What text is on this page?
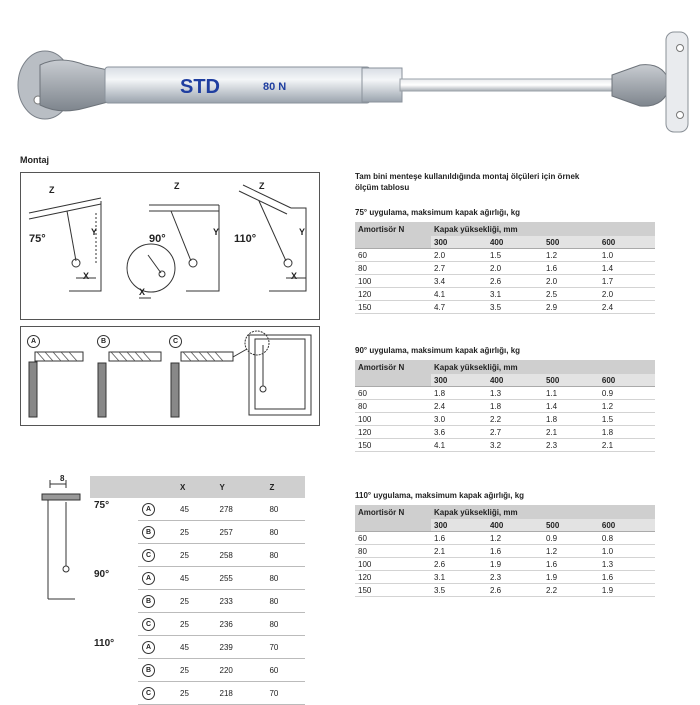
STD	80 N
Montaj
75°	90°	110°
Z	Z	Z
Y	Y	Y
X
X
X
A	B	C
8
		X	Y	Z
75°	A	45	278	80
	B	25	257	80
	C	25	258	80
90°	A	45	255	80
	B	25	233	80
	C	25	236	80
110°	A	45	239	70
	B	25	220	60
	C	25	218	70
Tam bini menteşe kullanıldığında montaj ölçüleri için örnek
ölçüm tablosu
75° uygulama, maksimum kapak ağırlığı, kg
Amortisör N	Kapak yüksekliği, mm			
	300	400	500	600
60	2.0	1.5	1.2	1.0
80	2.7	2.0	1.6	1.4
100	3.4	2.6	2.0	1.7
120	4.1	3.1	2.5	2.0
150	4.7	3.5	2.9	2.4
90° uygulama, maksimum kapak ağırlığı, kg
Amortisör N	Kapak yüksekliği, mm			
	300	400	500	600
60	1.8	1.3	1.1	0.9
80	2.4	1.8	1.4	1.2
100	3.0	2.2	1.8	1.5
120	3.6	2.7	2.1	1.8
150	4.1	3.2	2.3	2.1
110° uygulama, maksimum kapak ağırlığı, kg
Amortisör N	Kapak yüksekliği, mm			
	300	400	500	600
60	1.6	1.2	0.9	0.8
80	2.1	1.6	1.2	1.0
100	2.6	1.9	1.6	1.3
120	3.1	2.3	1.9	1.6
150	3.5	2.6	2.2	1.9
